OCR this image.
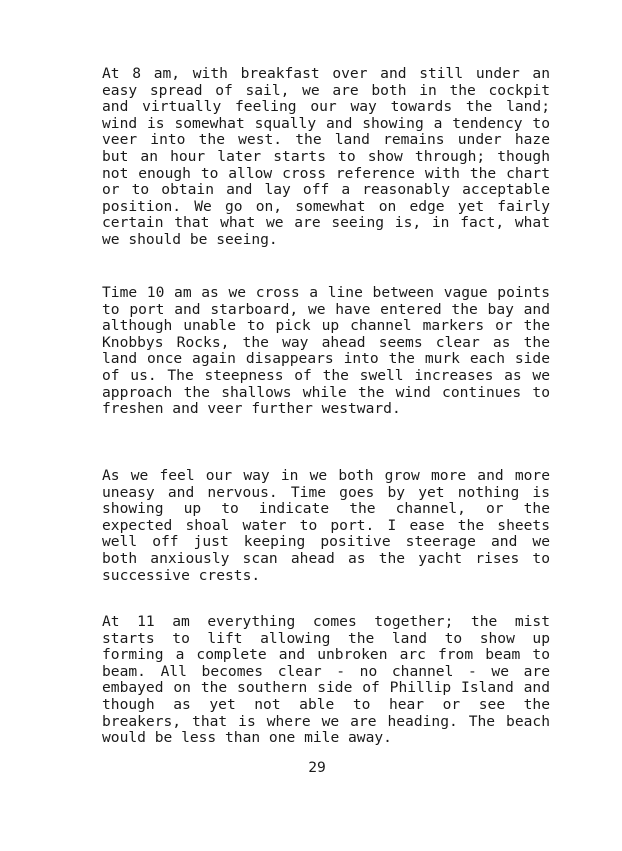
At 8 am, with breakfast over and still under an easy spread of sail, we are both in the cockpit and virtually feeling our way towards the land; wind is somewhat squally and showing a tendency to veer into the west. the land remains under haze but an hour later starts to show through; though not enough to allow cross reference with the chart or to obtain and lay off a reasonably acceptable position. We go on, somewhat on edge yet fairly certain that what we are seeing is, in fact, what we should be seeing.

Time 10 am as we cross a line between vague points to port and starboard, we have entered the bay and although unable to pick up channel markers or the Knobbys Rocks, the way ahead seems clear as the land once again disappears into the murk each side of us. The steepness of the swell increases as we approach the shallows while the wind continues to freshen and veer further westward.

As we feel our way in we both grow more and more uneasy and nervous. Time goes by yet nothing is showing up to indicate the channel, or the expected shoal water to port. I ease the sheets well off just keeping positive steerage and we both anxiously scan ahead as the yacht rises to successive crests.

At 11 am everything comes together; the mist starts to lift allowing the land to show up forming a complete and unbroken arc from beam to beam. All becomes clear - no channel - we are embayed on the southern side of Phillip Island and though as yet not able to hear or see the breakers, that is where we are heading. The beach would be less than one mile away.

29
